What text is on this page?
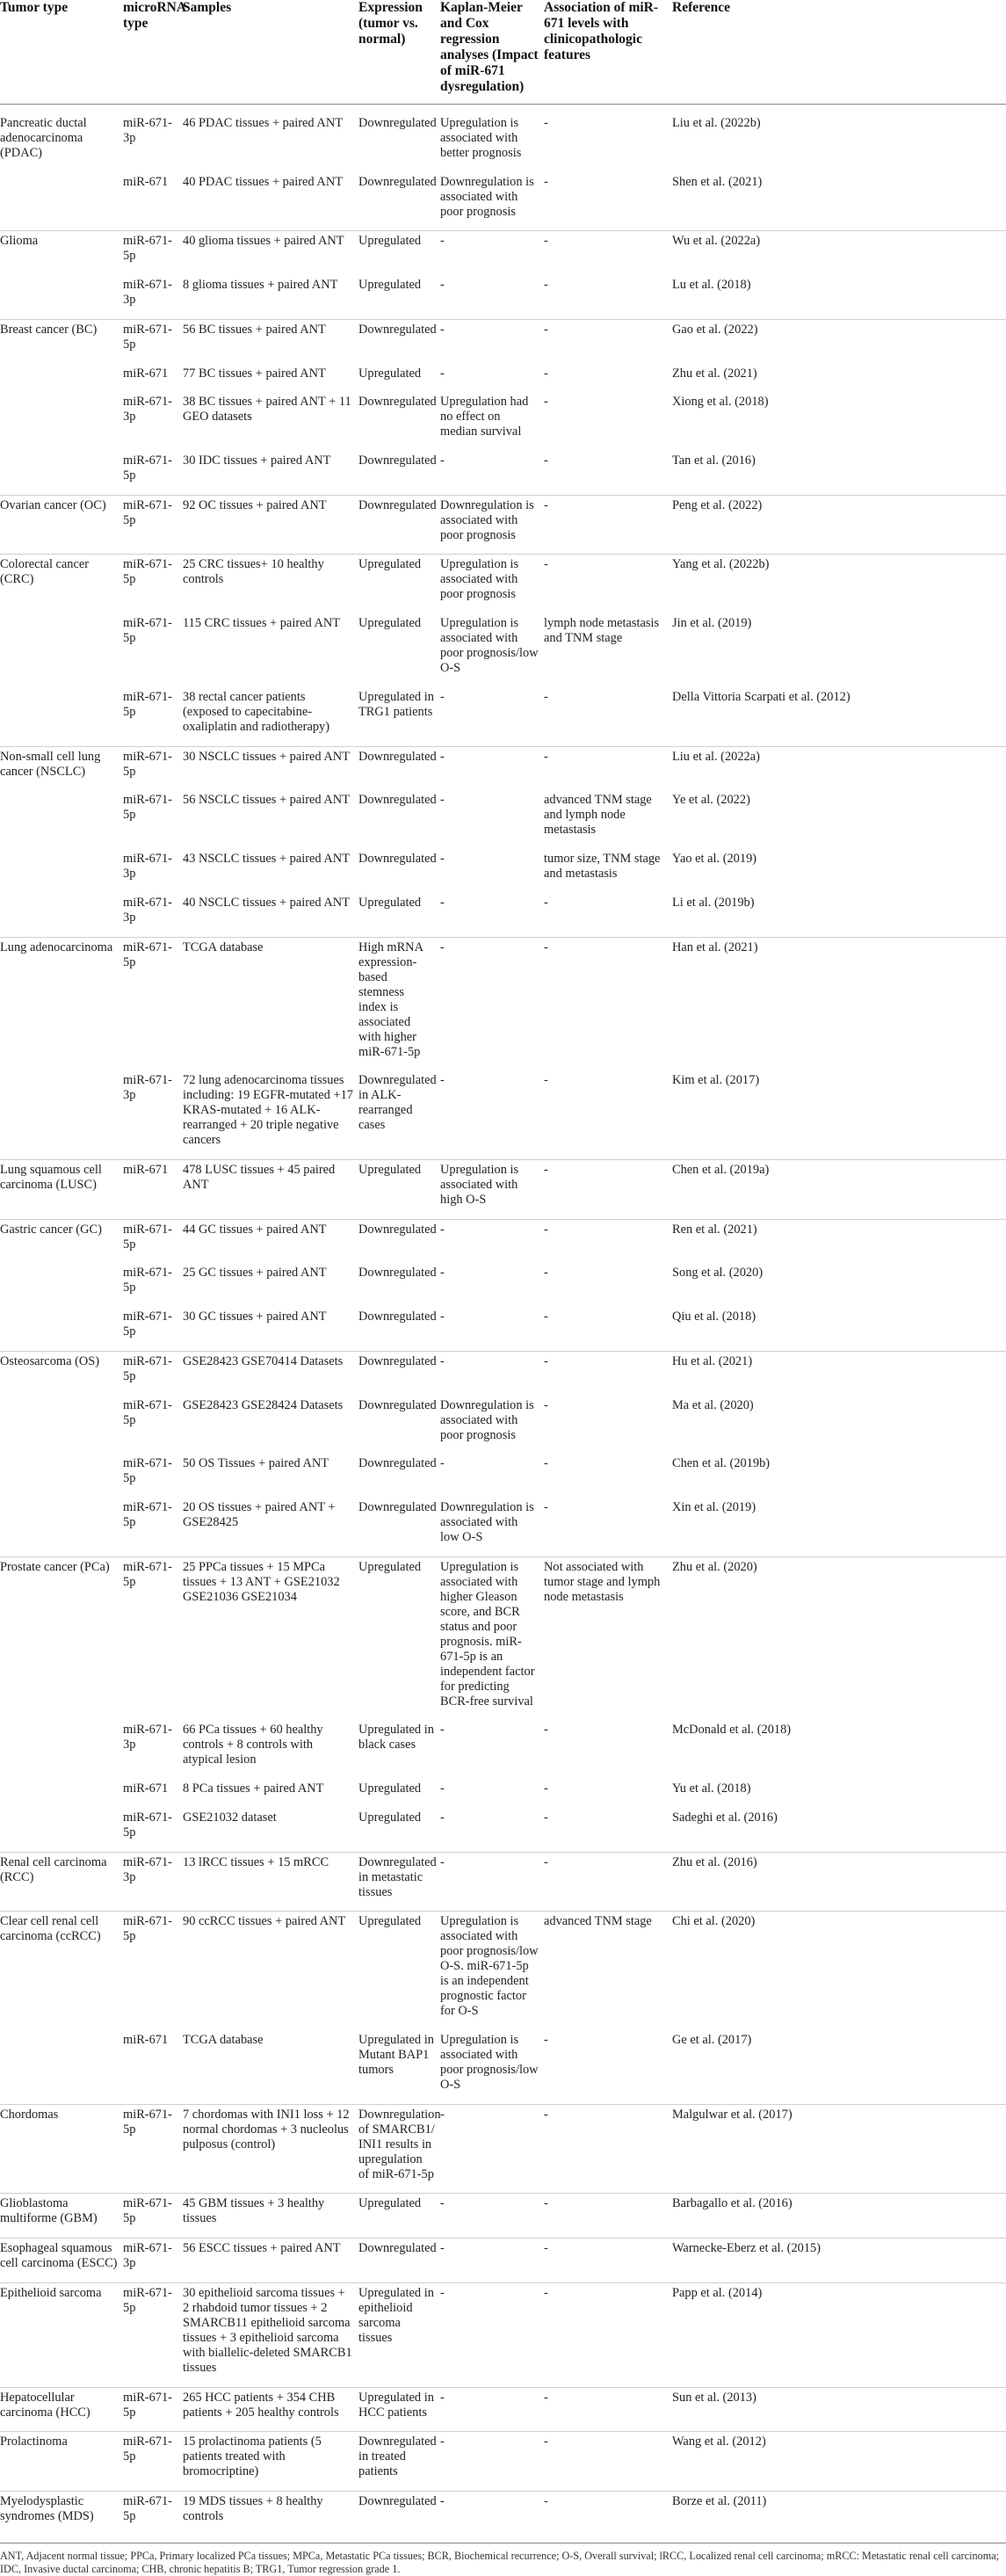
Tumor type	microRNA type	Samples	Expression (tumor vs. normal)	Kaplan-Meier and Cox regression analyses (Impact of miR-671 dysregulation)	Association of miR-671 levels with clinicopathologic features	Reference
Pancreatic ductal adenocarcinoma (PDAC)	miR-671-3p	46 PDAC tissues + paired ANT	Downregulated	Upregulation is associated with better prognosis	-	Liu et al. (2022b)
	miR-671	40 PDAC tissues + paired ANT	Downregulated	Downregulation is associated with poor prognosis	-	Shen et al. (2021)
Glioma	miR-671-5p	40 glioma tissues + paired ANT	Upregulated	-	-	Wu et al. (2022a)
	miR-671-3p	8 glioma tissues + paired ANT	Upregulated	-	-	Lu et al. (2018)
Breast cancer (BC)	miR-671-5p	56 BC tissues + paired ANT	Downregulated	-	-	Gao et al. (2022)
	miR-671	77 BC tissues + paired ANT	Upregulated	-	-	Zhu et al. (2021)
	miR-671-3p	38 BC tissues + paired ANT + 11 GEO datasets	Downregulated	Upregulation had no effect on median survival	-	Xiong et al. (2018)
	miR-671-5p	30 IDC tissues + paired ANT	Downregulated	-	-	Tan et al. (2016)
Ovarian cancer (OC)	miR-671-5p	92 OC tissues + paired ANT	Downregulated	Downregulation is associated with poor prognosis	-	Peng et al. (2022)
Colorectal cancer (CRC)	miR-671-5p	25 CRC tissues+ 10 healthy controls	Upregulated	Upregulation is associated with poor prognosis	-	Yang et al. (2022b)
	miR-671-5p	115 CRC tissues + paired ANT	Upregulated	Upregulation is associated with poor prognosis/low O-S	lymph node metastasis and TNM stage	Jin et al. (2019)
	miR-671-5p	38 rectal cancer patients (exposed to capecitabine-oxaliplatin and radiotherapy)	Upregulated in TRG1 patients	-	-	Della Vittoria Scarpati et al. (2012)
Non-small cell lung cancer (NSCLC)	miR-671-5p	30 NSCLC tissues + paired ANT	Downregulated	-	-	Liu et al. (2022a)
	miR-671-5p	56 NSCLC tissues + paired ANT	Downregulated	-	advanced TNM stage and lymph node metastasis	Ye et al. (2022)
	miR-671-3p	43 NSCLC tissues + paired ANT	Downregulated	-	tumor size, TNM stage and metastasis	Yao et al. (2019)
	miR-671-3p	40 NSCLC tissues + paired ANT	Upregulated	-	-	Li et al. (2019b)
Lung adenocarcinoma	miR-671-5p	TCGA database	High mRNA expression-based stemness index is associated with higher miR-671-5p	-	-	Han et al. (2021)
	miR-671-3p	72 lung adenocarcinoma tissues including: 19 EGFR-mutated +17 KRAS-mutated + 16 ALK-rearranged + 20 triple negative cancers	Downregulated in ALK-rearranged cases	-	-	Kim et al. (2017)
Lung squamous cell carcinoma (LUSC)	miR-671	478 LUSC tissues + 45 paired ANT	Upregulated	Upregulation is associated with high O-S	-	Chen et al. (2019a)
Gastric cancer (GC)	miR-671-5p	44 GC tissues + paired ANT	Downregulated	-	-	Ren et al. (2021)
	miR-671-5p	25 GC tissues + paired ANT	Downregulated	-	-	Song et al. (2020)
	miR-671-5p	30 GC tissues + paired ANT	Downregulated	-	-	Qiu et al. (2018)
Osteosarcoma (OS)	miR-671-5p	GSE28423 GSE70414 Datasets	Downregulated	-	-	Hu et al. (2021)
	miR-671-5p	GSE28423 GSE28424 Datasets	Downregulated	Downregulation is associated with poor prognosis	-	Ma et al. (2020)
	miR-671-5p	50 OS Tissues + paired ANT	Downregulated	-	-	Chen et al. (2019b)
	miR-671-5p	20 OS tissues + paired ANT + GSE28425	Downregulated	Downregulation is associated with low O-S	-	Xin et al. (2019)
Prostate cancer (PCa)	miR-671-5p	25 PPCa tissues + 15 MPCa tissues + 13 ANT + GSE21032 GSE21036 GSE21034	Upregulated	Upregulation is associated with higher Gleason score, and BCR status and poor prognosis. miR-671-5p is an independent factor for predicting BCR-free survival	Not associated with tumor stage and lymph node metastasis	Zhu et al. (2020)
	miR-671-3p	66 PCa tissues + 60 healthy controls + 8 controls with atypical lesion	Upregulated in black cases	-	-	McDonald et al. (2018)
	miR-671	8 PCa tissues + paired ANT	Upregulated	-	-	Yu et al. (2018)
	miR-671-5p	GSE21032 dataset	Upregulated	-	-	Sadeghi et al. (2016)
Renal cell carcinoma (RCC)	miR-671-3p	13 lRCC tissues + 15 mRCC	Downregulated in metastatic tissues	-	-	Zhu et al. (2016)
Clear cell renal cell carcinoma (ccRCC)	miR-671-5p	90 ccRCC tissues + paired ANT	Upregulated	Upregulation is associated with poor prognosis/low O-S. miR-671-5p is an independent prognostic factor for O-S	advanced TNM stage	Chi et al. (2020)
	miR-671	TCGA database	Upregulated in Mutant BAP1 tumors	Upregulation is associated with poor prognosis/low O-S	-	Ge et al. (2017)
Chordomas	miR-671-5p	7 chordomas with INI1 loss + 12 normal chordomas + 3 nucleolus pulposus (control)	Downregulation of SMARCB1/ INI1 results in upregulation of miR-671-5p	-	-	Malgulwar et al. (2017)
Glioblastoma multiforme (GBM)	miR-671-5p	45 GBM tissues + 3 healthy tissues	Upregulated	-	-	Barbagallo et al. (2016)
Esophageal squamous cell carcinoma (ESCC)	miR-671-3p	56 ESCC tissues + paired ANT	Downregulated	-	-	Warnecke-Eberz et al. (2015)
Epithelioid sarcoma	miR-671-5p	30 epithelioid sarcoma tissues + 2 rhabdoid tumor tissues + 2 SMARCB11 epithelioid sarcoma tissues + 3 epithelioid sarcoma with biallelic-deleted SMARCB1 tissues	Upregulated in epithelioid sarcoma tissues	-	-	Papp et al. (2014)
Hepatocellular carcinoma (HCC)	miR-671-5p	265 HCC patients + 354 CHB patients + 205 healthy controls	Upregulated in HCC patients	-	-	Sun et al. (2013)
Prolactinoma	miR-671-5p	15 prolactinoma patients (5 patients treated with bromocriptine)	Downregulated in treated patients	-	-	Wang et al. (2012)
Myelodysplastic syndromes (MDS)	miR-671-5p	19 MDS tissues + 8 healthy controls	Downregulated	-	-	Borze et al. (2011)
ANT, Adjacent normal tissue; PPCa, Primary localized PCa tissues; MPCa, Metastatic PCa tissues; BCR, Biochemical recurrence; O-S, Overall survival; lRCC, Localized renal cell carcinoma; mRCC: Metastatic renal cell carcinoma; IDC, Invasive ductal carcinoma; CHB, chronic hepatitis B; TRG1, Tumor regression grade 1.
